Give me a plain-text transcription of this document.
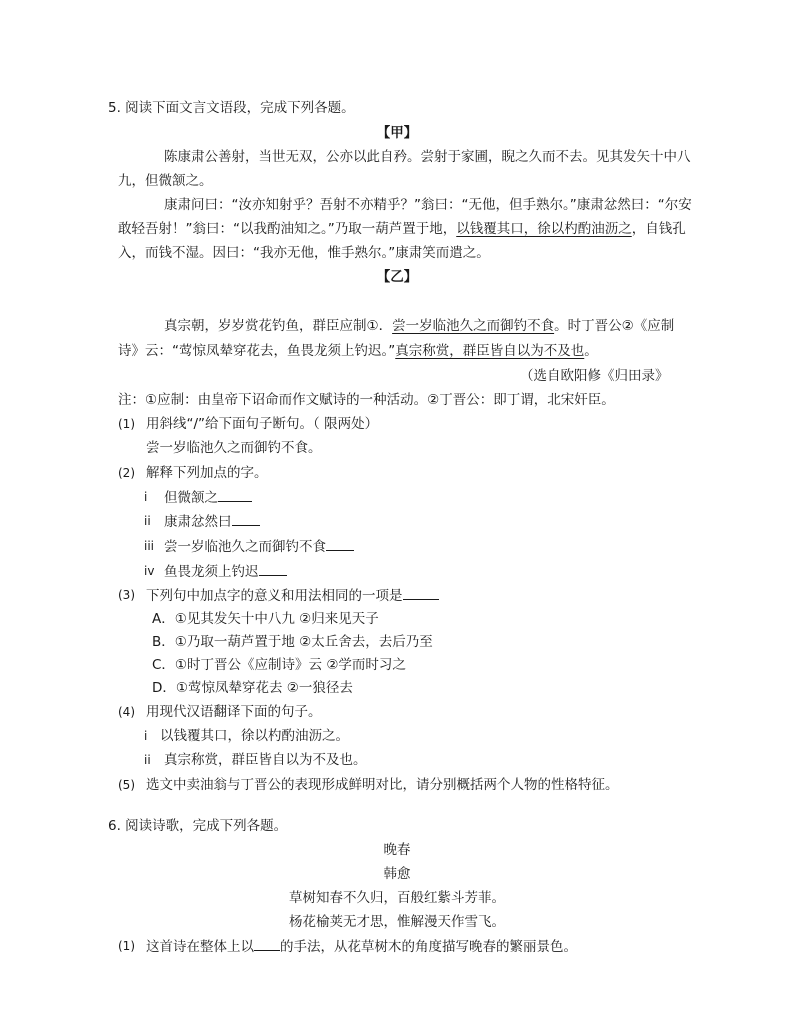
5. 阅读下面文言文语段，完成下列各题。
【甲】
陈康肃公善射，当世无双，公亦以此自矜。尝射于家圃，睨之久而不去。见其发矢十中八
九，但微颔之。
康肃问曰：“汝亦知射乎？吾射不亦精乎？”翁曰：“无他，但手熟尔。”康肃忿然曰：“尔安
敢轻吾射！”翁曰：“以我酌油知之。”乃取一葫芦置于地，以钱覆其口，徐以杓酌油沥之，自钱孔
入，而钱不湿。因曰：“我亦无他，惟手熟尔。”康肃笑而遣之。
【乙】
真宗朝，岁岁赏花钓鱼，群臣应制①．尝一岁临池久之而御钓不食。时丁晋公②《应制
诗》云：“莺惊凤辇穿花去，鱼畏龙须上钓迟。”真宗称赏，群臣皆自以为不及也。
（选自欧阳修《归田录》
注：①应制：由皇帝下诏命而作文赋诗的一种活动。②丁晋公：即丁谓，北宋奸臣。
(1) 用斜线“/”给下面句子断句。（ 限两处）
尝一岁临池久之而御钓不食。
(2) 解释下列加点的字。
i 但微颔之
ii 康肃忿然曰
iii 尝一岁临池久之而御钓不食
iv 鱼畏龙须上钓迟
(3) 下列句中加点字的意义和用法相同的一项是
A．①见其发矢十中八九 ②归来见天子
B．①乃取一葫芦置于地 ②太丘舍去，去后乃至
C．①时丁晋公《应制诗》云 ②学而时习之
D．①莺惊凤辇穿花去 ②一狼径去
(4) 用现代汉语翻译下面的句子。
i 以钱覆其口，徐以杓酌油沥之。
ii 真宗称赏，群臣皆自以为不及也。
(5) 选文中卖油翁与丁晋公的表现形成鲜明对比，请分别概括两个人物的性格特征。
6. 阅读诗歌，完成下列各题。
晚春
韩愈
草树知春不久归，百般红紫斗芳菲。
杨花榆荚无才思，惟解漫天作雪飞。
(1) 这首诗在整体上以 的手法，从花草树木的角度描写晚春的繁丽景色。
